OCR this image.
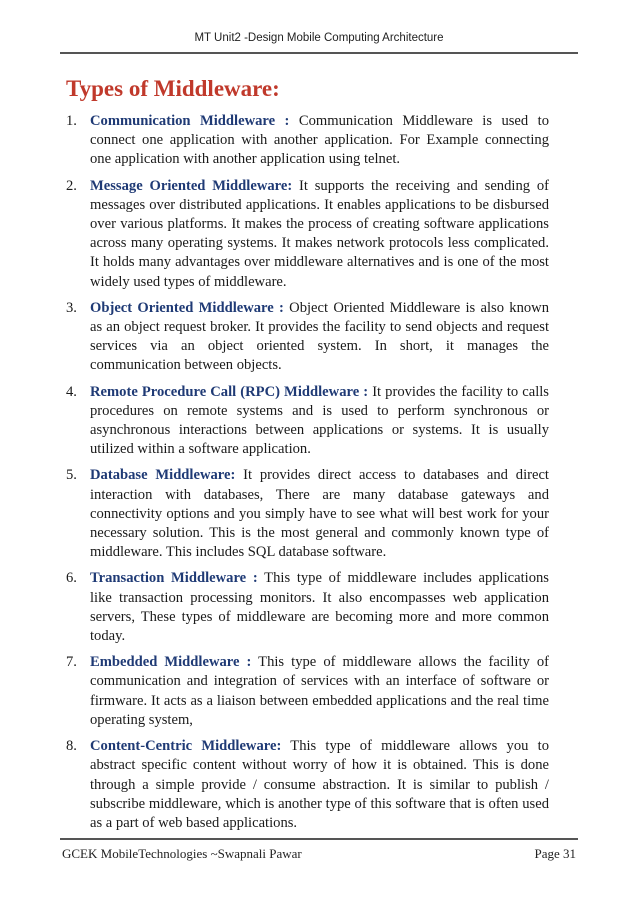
MT Unit2 -Design Mobile Computing Architecture
Types of Middleware:
1. Communication Middleware : Communication Middleware is used to connect one application with another application. For Example connecting one application with another application using telnet.
2. Message Oriented Middleware: It supports the receiving and sending of messages over distributed applications. It enables applications to be disbursed over various platforms. It makes the process of creating software applications across many operating systems. It makes network protocols less complicated. It holds many advantages over middleware alternatives and is one of the most widely used types of middleware.
3. Object Oriented Middleware : Object Oriented Middleware is also known as an object request broker. It provides the facility to send objects and request services via an object oriented system. In short, it manages the communication between objects.
4. Remote Procedure Call (RPC) Middleware : It provides the facility to calls procedures on remote systems and is used to perform synchronous or asynchronous interactions between applications or systems. It is usually utilized within a software application.
5. Database Middleware: It provides direct access to databases and direct interaction with databases, There are many database gateways and connectivity options and you simply have to see what will best work for your necessary solution. This is the most general and commonly known type of middleware. This includes SQL database software.
6. Transaction Middleware : This type of middleware includes applications like transaction processing monitors. It also encompasses web application servers, These types of middleware are becoming more and more common today.
7. Embedded Middleware : This type of middleware allows the facility of communication and integration of services with an interface of software or firmware. It acts as a liaison between embedded applications and the real time operating system,
8. Content-Centric Middleware: This type of middleware allows you to abstract specific content without worry of how it is obtained. This is done through a simple provide / consume abstraction. It is similar to publish / subscribe middleware, which is another type of this software that is often used as a part of web based applications.
GCEK MobileTechnologies ~Swapnali Pawar	Page 31
